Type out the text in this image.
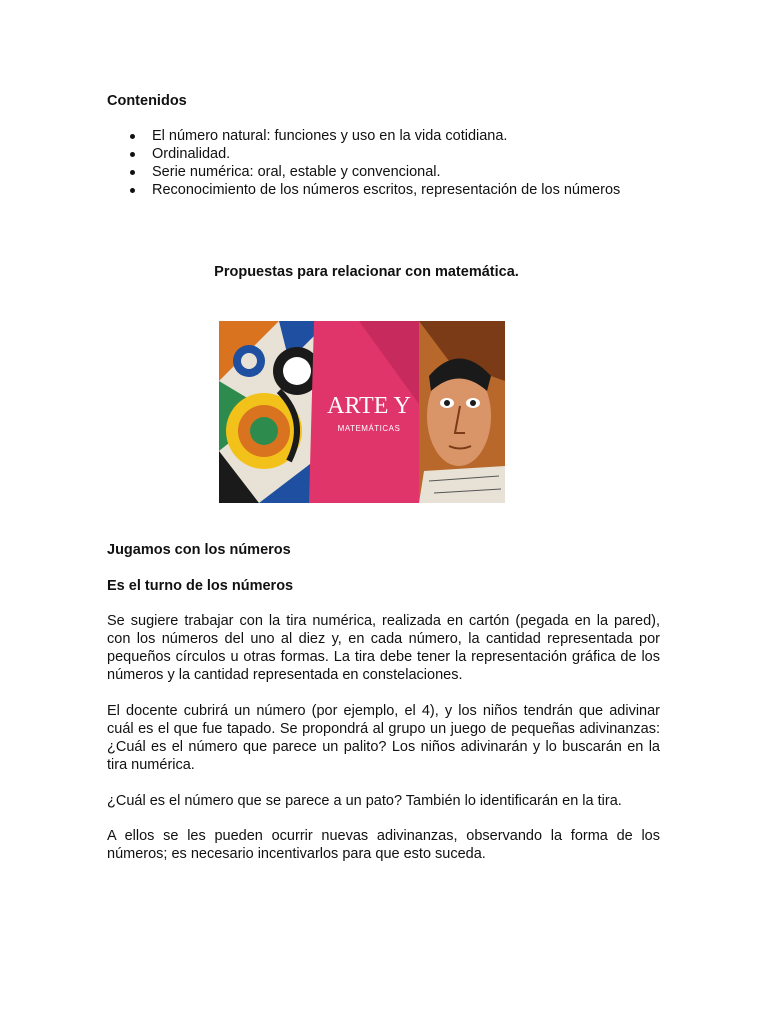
Contenidos
El número natural: funciones y uso en la vida cotidiana.
Ordinalidad.
Serie numérica: oral, estable y convencional.
Reconocimiento de los números escritos, representación de los números
Propuestas para relacionar con matemática.
ARTE Y
MATEMÁTICAS
Jugamos con los números
Es el turno de los números

Se sugiere trabajar con la tira numérica, realizada en cartón (pegada en la pared), con los números del uno al diez y, en cada número, la cantidad representada por pequeños círculos u otras formas. La tira debe tener la representación gráfica de los números y la cantidad representada en constelaciones.

El docente cubrirá un número (por ejemplo, el 4), y los niños tendrán que adivinar cuál es el que fue tapado. Se propondrá al grupo un juego de pequeñas adivinanzas: ¿Cuál es el número que parece un palito? Los niños adivinarán y lo buscarán en la tira numérica.

¿Cuál es el número que se parece a un pato? También lo identificarán en la tira.

A ellos se les pueden ocurrir nuevas adivinanzas, observando la forma de los números; es necesario incentivarlos para que esto suceda.
